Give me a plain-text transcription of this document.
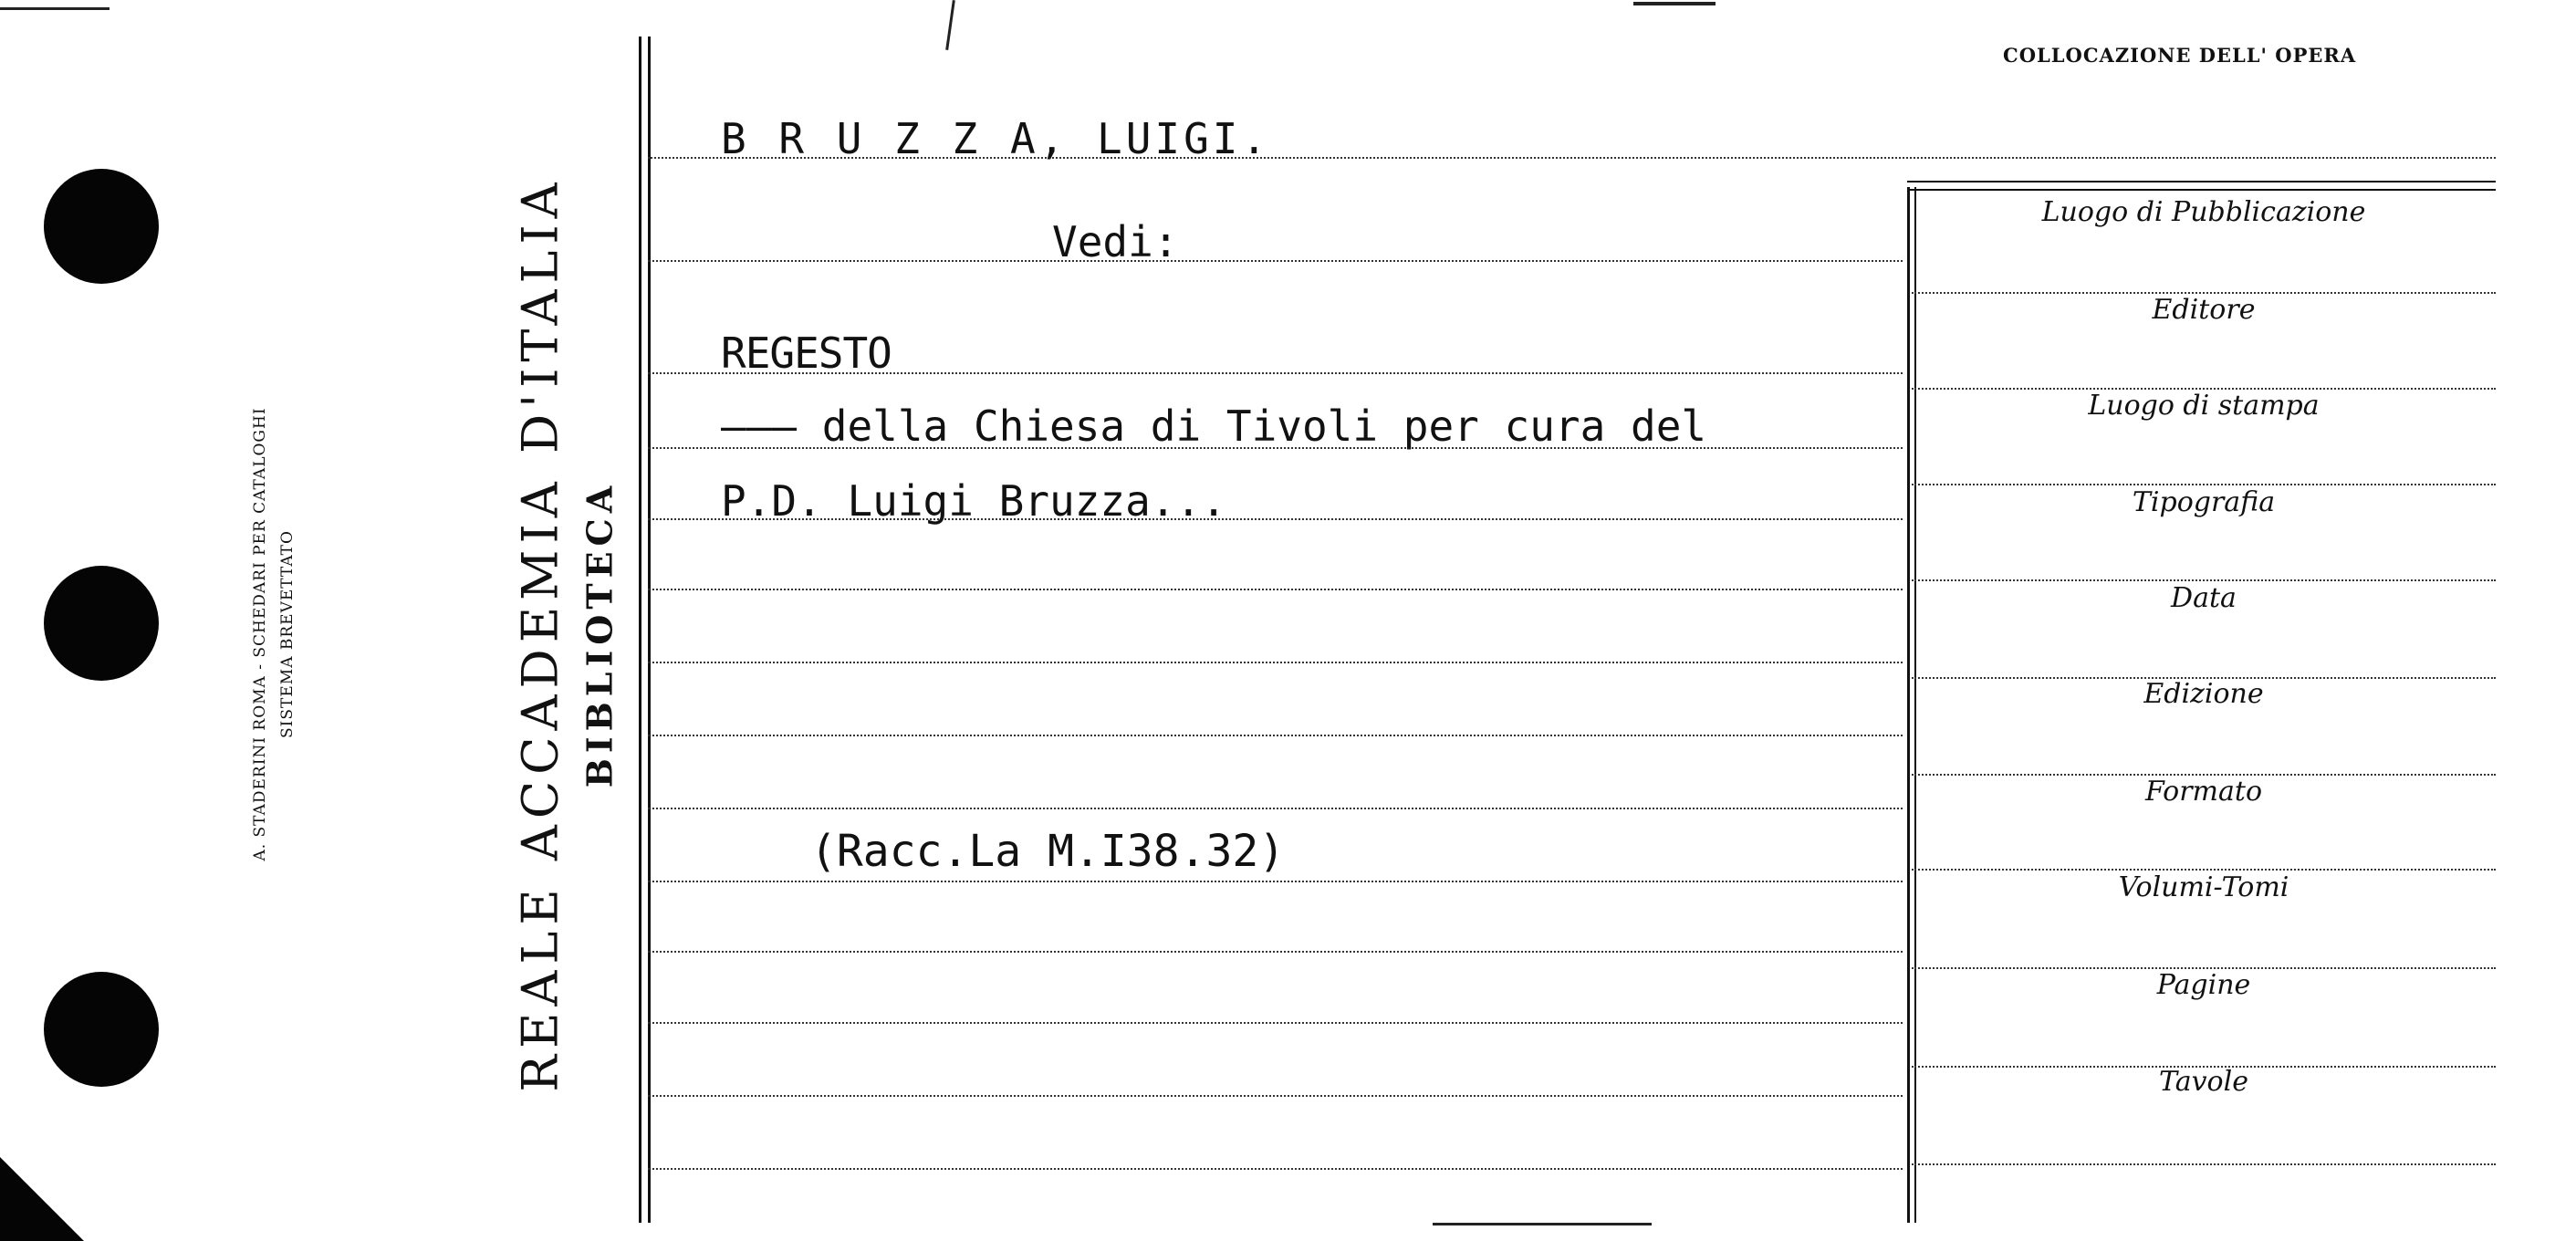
A. STADERINI ROMA - SCHEDARI PER CATALOGHI SISTEMA BREVETTATO	REALE ACCADEMIA D'ITALIA BIBLIOTECA
B R U Z Z A, LUIGI.
Vedi:
REGESTO
——— della Chiesa di Tivoli per cura del
P.D. Luigi Bruzza...
(Racc.La M.I38.32)
COLLOCAZIONE DELL' OPERA
Luogo di Pubblicazione
Editore
Luogo di stampa
Tipografia
Data
Edizione
Formato
Volumi-Tomi
Pagine
Tavole
